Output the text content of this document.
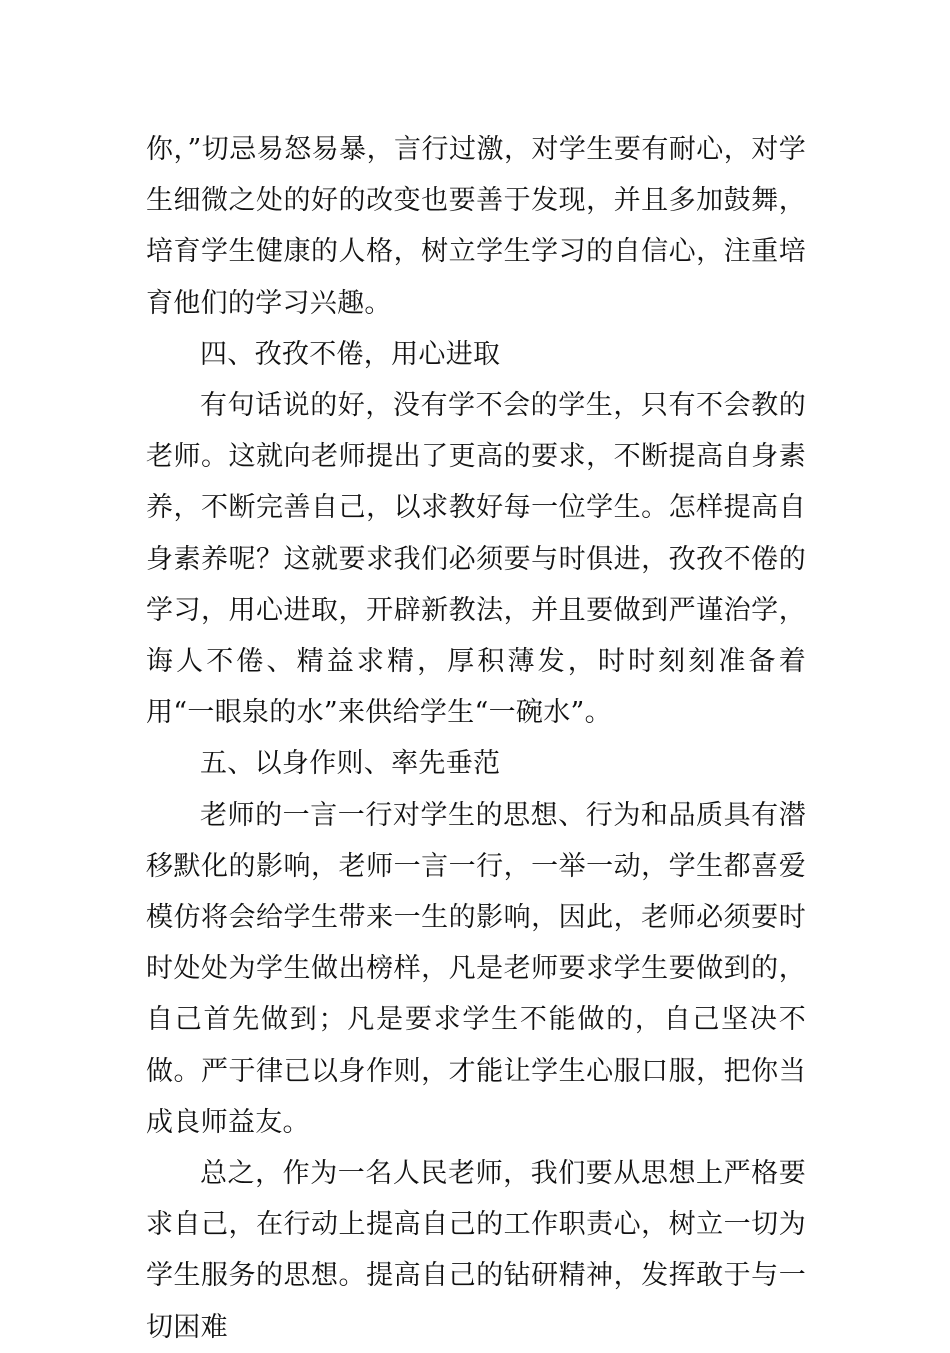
你，”切忌易怒易暴，言行过激，对学生要有耐心，对学生细微之处的好的改变也要善于发现，并且多加鼓舞，培育学生健康的人格，树立学生学习的自信心，注重培育他们的学习兴趣。

四、孜孜不倦，用心进取

有句话说的好，没有学不会的学生，只有不会教的老师。这就向老师提出了更高的要求，不断提高自身素养，不断完善自己，以求教好每一位学生。怎样提高自身素养呢？这就要求我们必须要与时俱进，孜孜不倦的学习，用心进取，开辟新教法，并且要做到严谨治学，诲人不倦、精益求精，厚积薄发，时时刻刻准备着用“一眼泉的水”来供给学生“一碗水”。

五、以身作则、率先垂范

老师的一言一行对学生的思想、行为和品质具有潜移默化的影响，老师一言一行，一举一动，学生都喜爱模仿将会给学生带来一生的影响，因此，老师必须要时时处处为学生做出榜样，凡是老师要求学生要做到的，自己首先做到；凡是要求学生不能做的，自己坚决不做。严于律已以身作则，才能让学生心服口服，把你当成良师益友。

总之，作为一名人民老师，我们要从思想上严格要求自己，在行动上提高自己的工作职责心，树立一切为学生服务的思想。提高自己的钻研精神，发挥敢于与一切困难
